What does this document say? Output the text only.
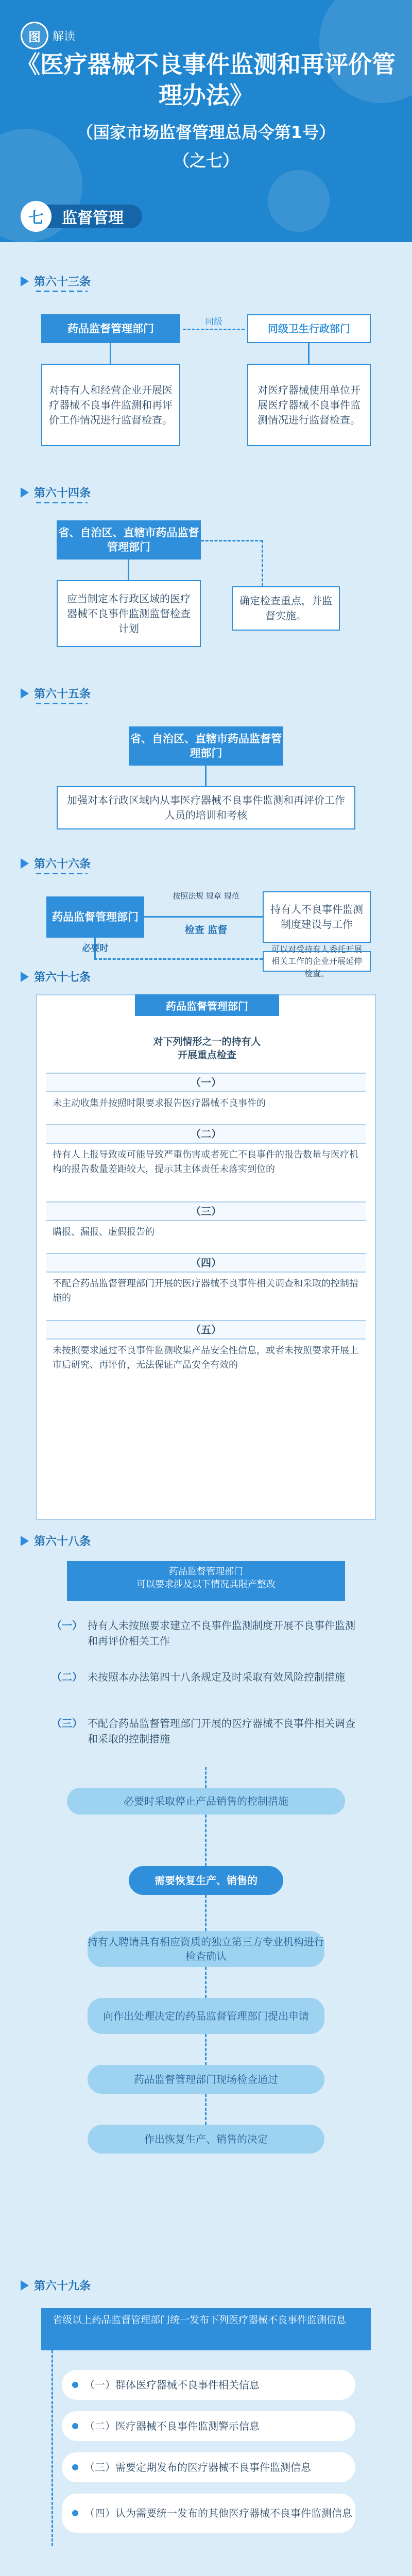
图	解读
《医疗器械不良事件监测和再评价管理办法》
（国家市场监督管理总局令第1号）
（之七）
七	监督管理
第六十三条
药品监督管理部门
同级
同级卫生行政部门
对持有人和经营企业开展医疗器械不良事件监测和再评价工作情况进行监督检查。
对医疗器械使用单位开展医疗器械不良事件监测情况进行监督检查。
第六十四条
省、自治区、直辖市药品监督管理部门
应当制定本行政区域的医疗器械不良事件监测监督检查计划
确定检查重点，并监督实施。
第六十五条
省、自治区、直辖市药品监督管理部门
加强对本行政区域内从事医疗器械不良事件监测和再评价工作人员的培训和考核
第六十六条
药品监督管理部门
按照法规 规章 规范
检查 监督
持有人不良事件监测制度建设与工作
必要时	可以对受持有人委托开展相关工作的企业开展延伸检查。
第六十七条
药品监督管理部门
对下列情形之一的持有人开展重点检查
（一）
未主动收集并按照时限要求报告医疗器械不良事件的
（二）
持有人上报导致或可能导致严重伤害或者死亡不良事件的报告数量与医疗机构的报告数量差距较大，提示其主体责任未落实到位的
（三）
瞒报、漏报、虚假报告的
（四）
不配合药品监督管理部门开展的医疗器械不良事件相关调查和采取的控制措施的
（五）
未按照要求通过不良事件监测收集产品安全性信息，或者未按照要求开展上市后研究、再评价，无法保证产品安全有效的
第六十八条
药品监督管理部门
可以要求涉及以下情况其限产整改
（一） 持有人未按照要求建立不良事件监测制度开展不良事件监测和再评价相关工作
（二） 未按照本办法第四十八条规定及时采取有效风险控制措施
（三） 不配合药品监督管理部门开展的医疗器械不良事件相关调查和采取的控制措施
必要时采取停止产品销售的控制措施
需要恢复生产、销售的
持有人聘请具有相应资质的独立第三方专业机构进行检查确认
向作出处理决定的药品监督管理部门提出申请
药品监督管理部门现场检查通过
作出恢复生产、销售的决定
第六十九条
省级以上药品监督管理部门统一发布下列医疗器械不良事件监测信息
（一）群体医疗器械不良事件相关信息
（二）医疗器械不良事件监测警示信息
（三）需要定期发布的医疗器械不良事件监测信息
（四）认为需要统一发布的其他医疗器械不良事件监测信息
